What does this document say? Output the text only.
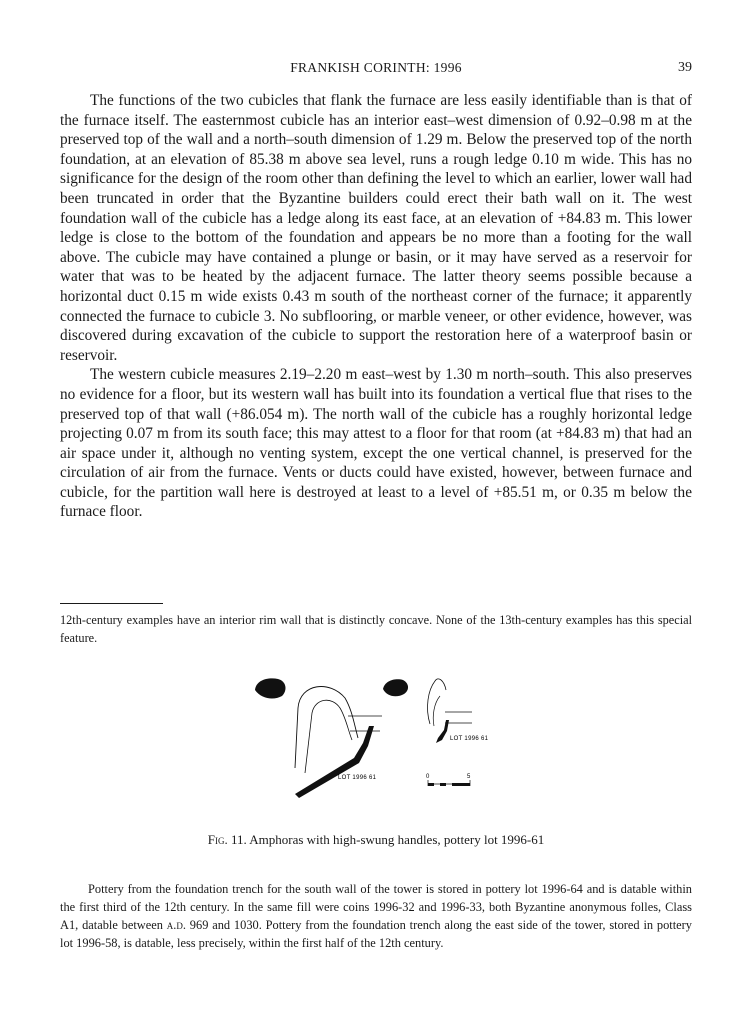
FRANKISH CORINTH: 1996	39

The functions of the two cubicles that flank the furnace are less easily identifiable than is that of the furnace itself. The easternmost cubicle has an interior east–west dimension of 0.92–0.98 m at the preserved top of the wall and a north–south dimension of 1.29 m. Below the preserved top of the north foundation, at an elevation of 85.38 m above sea level, runs a rough ledge 0.10 m wide. This has no significance for the design of the room other than defining the level to which an earlier, lower wall had been truncated in order that the Byzantine builders could erect their bath wall on it. The west foundation wall of the cubicle has a ledge along its east face, at an elevation of +84.83 m. This lower ledge is close to the bottom of the foundation and appears be no more than a footing for the wall above. The cubicle may have contained a plunge or basin, or it may have served as a reservoir for water that was to be heated by the adjacent furnace. The latter theory seems possible because a horizontal duct 0.15 m wide exists 0.43 m south of the northeast corner of the furnace; it apparently connected the furnace to cubicle 3. No subflooring, or marble veneer, or other evidence, however, was discovered during excavation of the cubicle to support the restoration here of a waterproof basin or reservoir.

The western cubicle measures 2.19–2.20 m east–west by 1.30 m north–south. This also preserves no evidence for a floor, but its western wall has built into its foundation a vertical flue that rises to the preserved top of that wall (+86.054 m). The north wall of the cubicle has a roughly horizontal ledge projecting 0.07 m from its south face; this may attest to a floor for that room (at +84.83 m) that had an air space under it, although no venting system, except the one vertical channel, is preserved for the circulation of air from the furnace. Vents or ducts could have existed, however, between furnace and cubicle, for the partition wall here is destroyed at least to a level of +85.51 m, or 0.35 m below the furnace floor.

12th-century examples have an interior rim wall that is distinctly concave. None of the 13th-century examples has this special feature.

LOT 1996 61
LOT 1996 61
0	5

Fig. 11. Amphoras with high-swung handles, pottery lot 1996-61

Pottery from the foundation trench for the south wall of the tower is stored in pottery lot 1996-64 and is datable within the first third of the 12th century. In the same fill were coins 1996-32 and 1996-33, both Byzantine anonymous folles, Class A1, datable between a.d. 969 and 1030. Pottery from the foundation trench along the east side of the tower, stored in pottery lot 1996-58, is datable, less precisely, within the first half of the 12th century.
